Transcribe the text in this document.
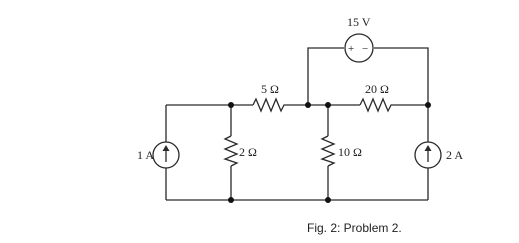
5 Ω	20 Ω
2 Ω	10 Ω
+ −
15 V
1 A	2 A
Fig. 2: Problem 2.
